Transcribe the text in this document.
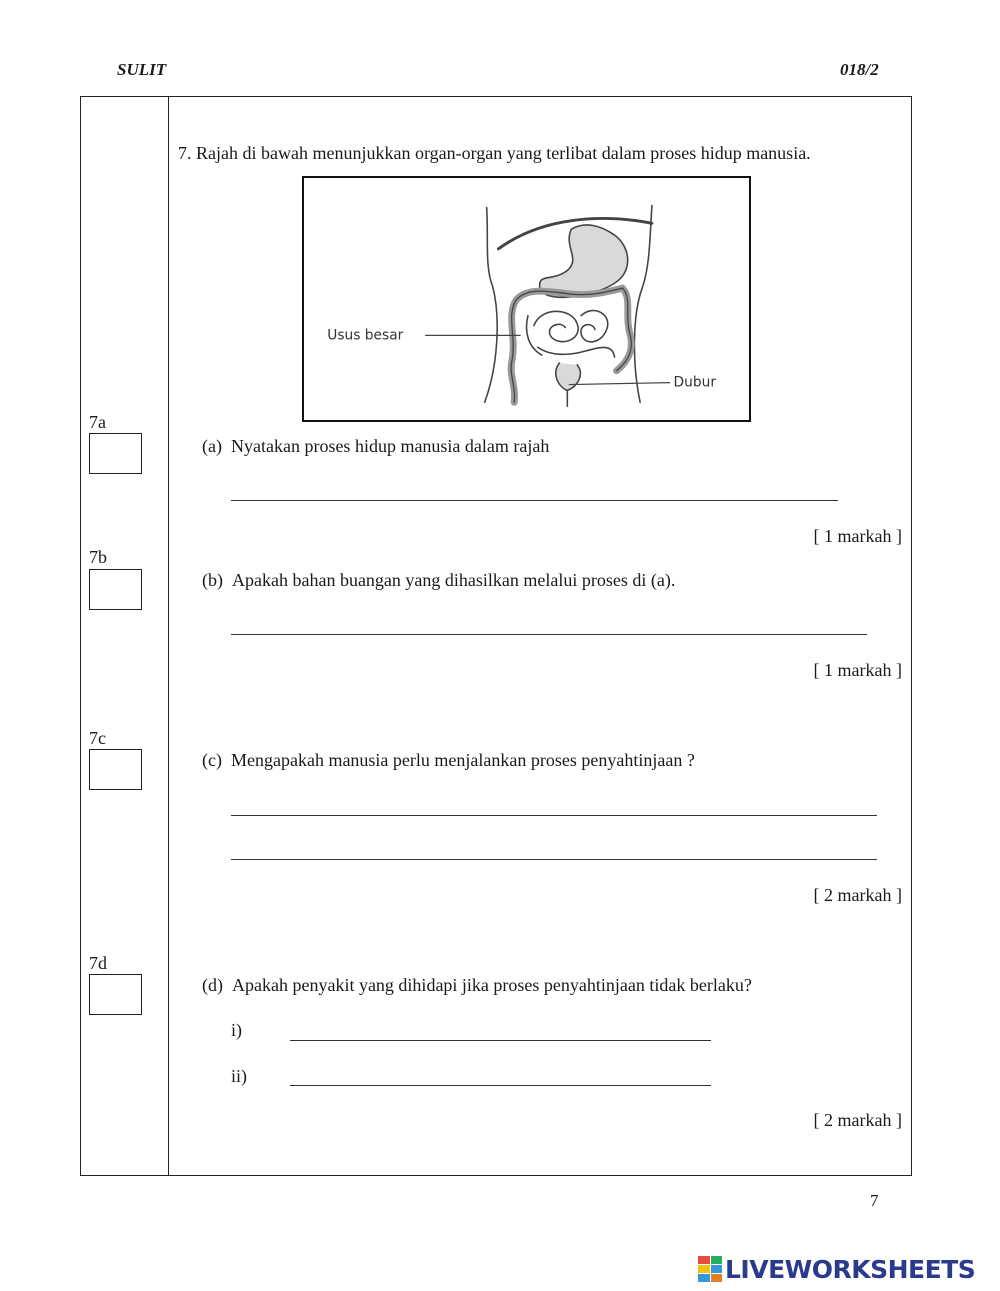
SULIT	018/2
7. Rajah di bawah menunjukkan organ-organ yang terlibat dalam proses hidup manusia.
Usus besar
Dubur
7a
(a)  Nyatakan proses hidup manusia dalam rajah
[ 1 markah ]
7b
(b)  Apakah bahan buangan yang dihasilkan melalui proses di (a).
[ 1 markah ]
7c
(c)  Mengapakah manusia perlu menjalankan proses penyahtinjaan ?
[ 2 markah ]
7d
(d)  Apakah penyakit yang dihidapi jika proses penyahtinjaan tidak berlaku?
i)
ii)
[ 2 markah ]
7
LIVEWORKSHEETS
